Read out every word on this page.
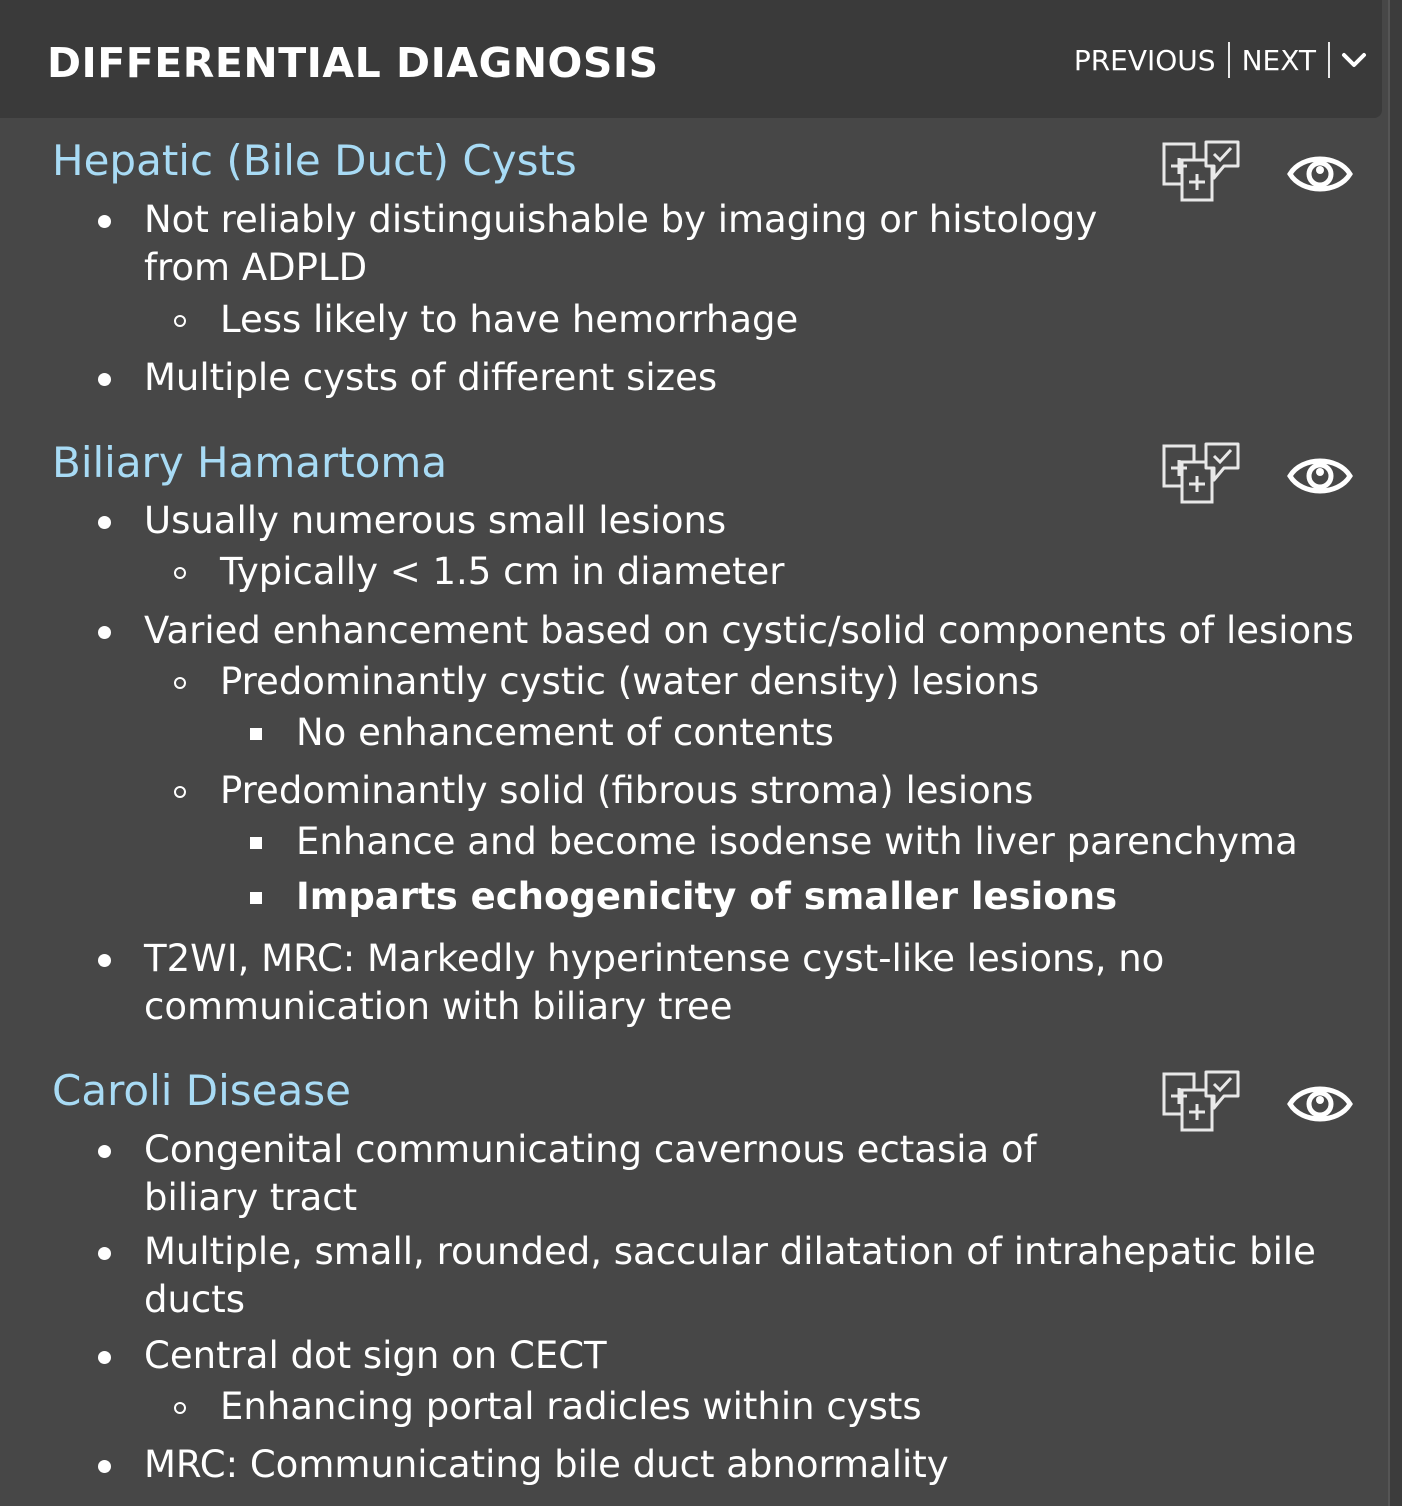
DIFFERENTIAL DIAGNOSIS	PREVIOUS NEXT
Hepatic (Bile Duct) Cysts
Not reliably distinguishable by imaging or histology
from ADPLD
Less likely to have hemorrhage
Multiple cysts of different sizes
Biliary Hamartoma
Usually numerous small lesions
Typically < 1.5 cm in diameter
Varied enhancement based on cystic/solid components of lesions
Predominantly cystic (water density) lesions
No enhancement of contents
Predominantly solid (fibrous stroma) lesions
Enhance and become isodense with liver parenchyma
Imparts echogenicity of smaller lesions
T2WI, MRC: Markedly hyperintense cyst-like lesions, no
communication with biliary tree
Caroli Disease
Congenital communicating cavernous ectasia of
biliary tract
Multiple, small, rounded, saccular dilatation of intrahepatic bile
ducts
Central dot sign on CECT
Enhancing portal radicles within cysts
MRC: Communicating bile duct abnormality
